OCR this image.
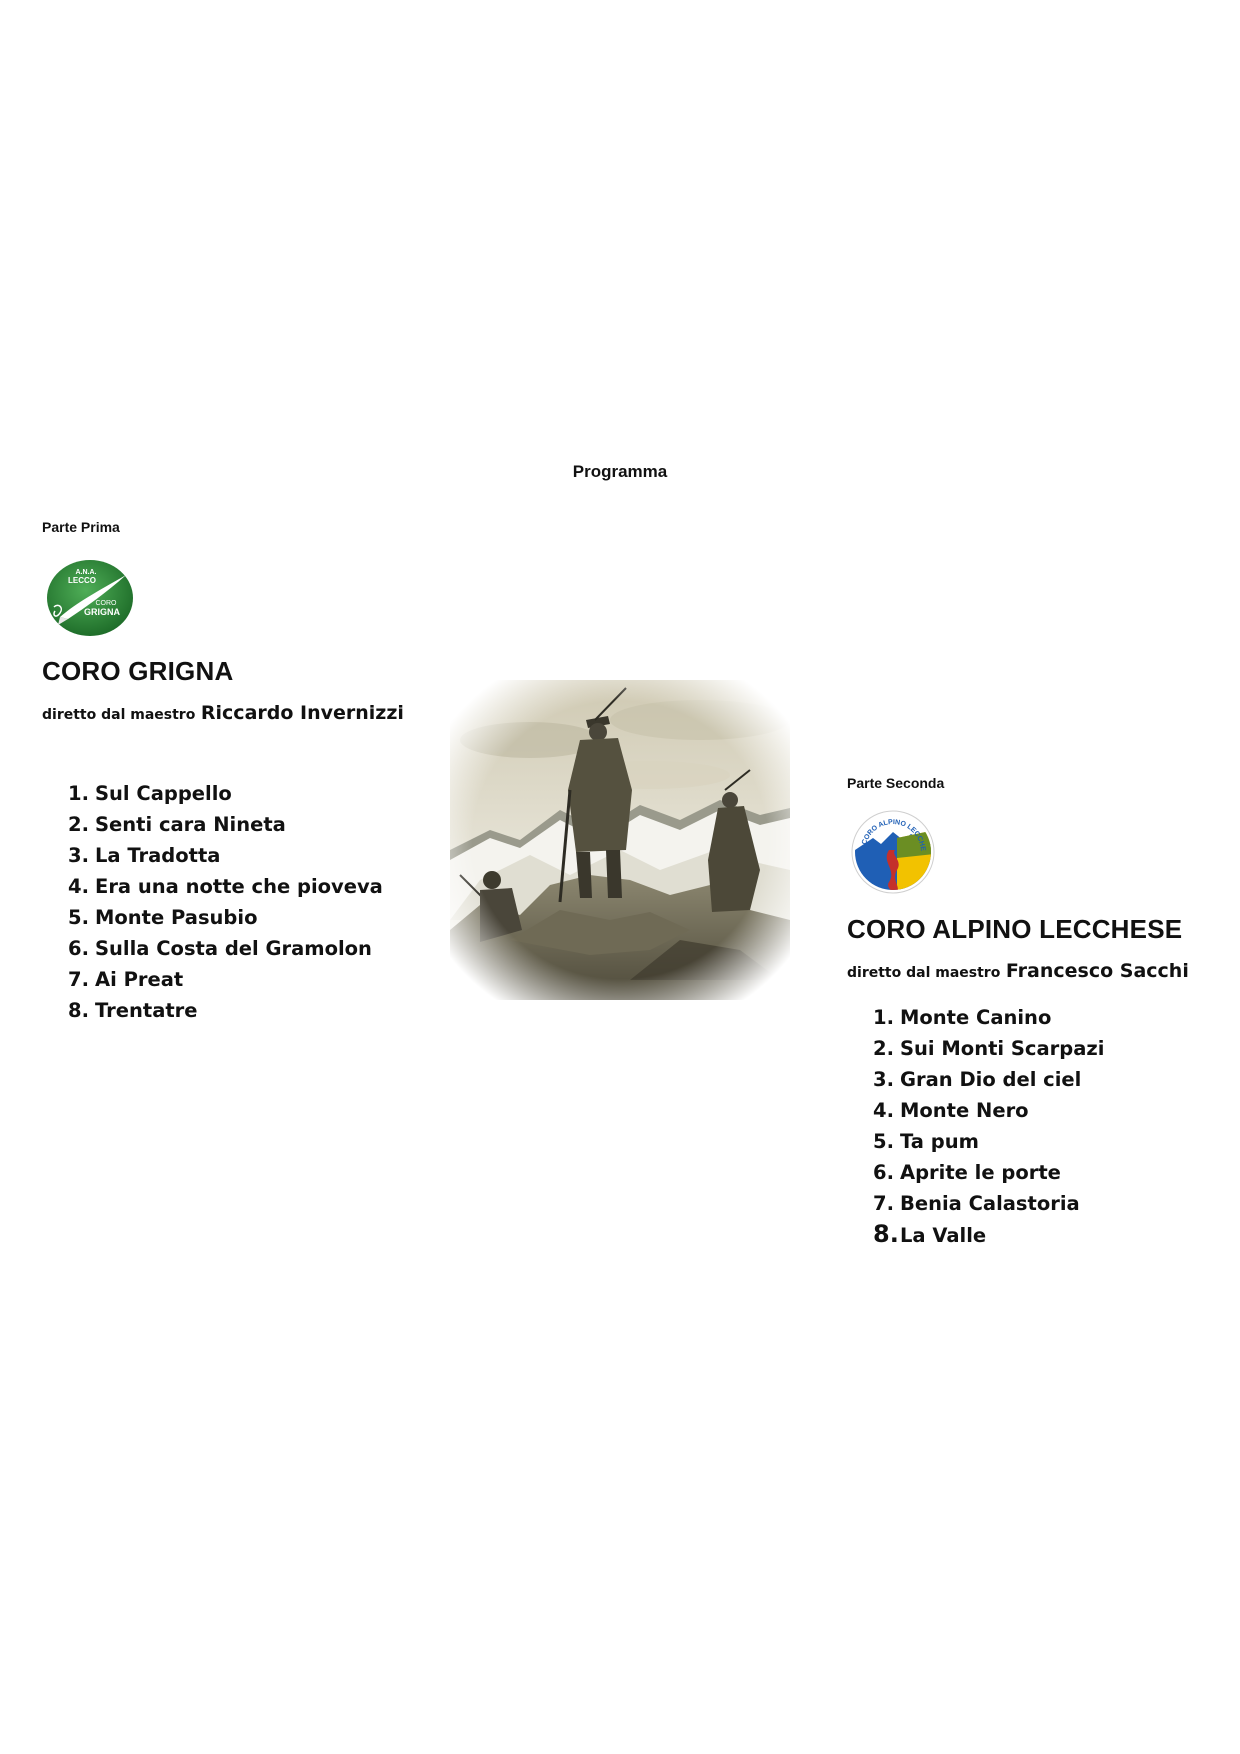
Programma
Parte Prima
A.N.A.
LECCO
CORO
GRIGNA
CORO GRIGNA
diretto dal maestro Riccardo Invernizzi
1. Sul Cappello
2. Senti cara Nineta
3. La Tradotta
4. Era una notte che pioveva
5. Monte Pasubio
6. Sulla Costa del Gramolon
7. Ai Preat
8. Trentatre
Parte Seconda
CORO ALPINO LECCHE
CORO ALPINO LECCHESE
diretto dal maestro Francesco Sacchi
1. Monte Canino
2. Sui Monti Scarpazi
3. Gran Dio del ciel
4. Monte Nero
5. Ta pum
6. Aprite le porte
7. Benia Calastoria
8.La Valle
